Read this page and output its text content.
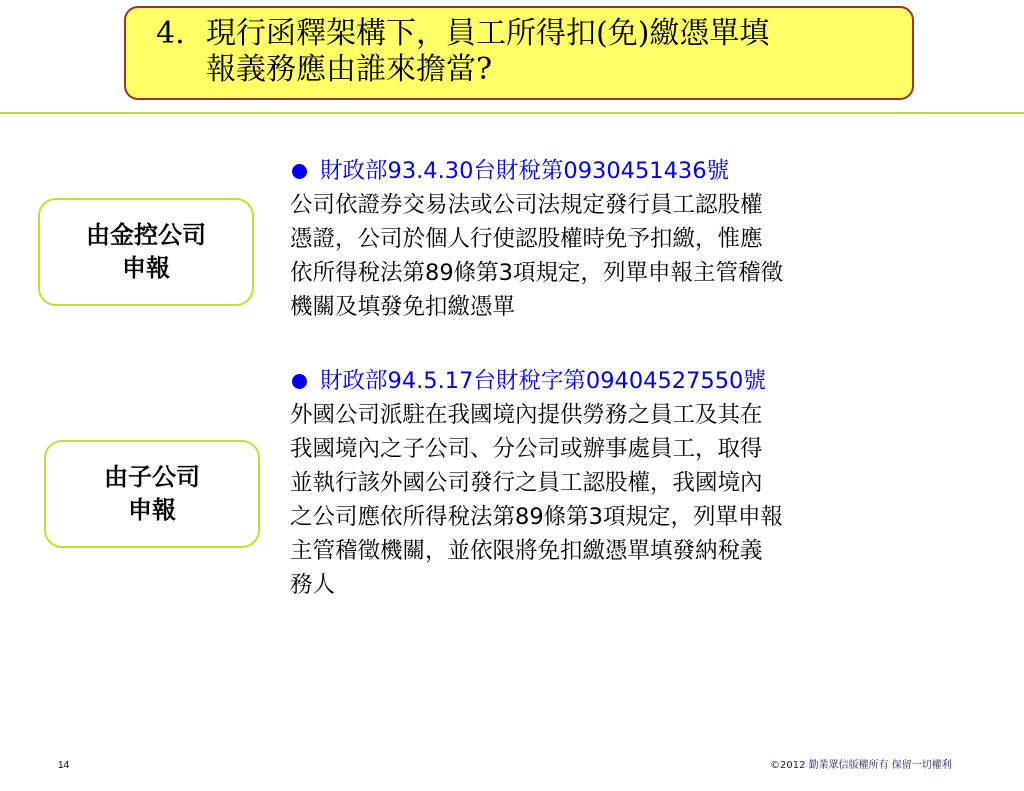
4. 現行函釋架構下，員工所得扣(免)繳憑單填
報義務應由誰來擔當?
由金控公司
申報
由子公司
申報
財政部93.4.30台財稅第0930451436號
公司依證券交易法或公司法規定發行員工認股權
憑證，公司於個人行使認股權時免予扣繳，惟應
依所得稅法第89條第3項規定，列單申報主管稽徵
機關及填發免扣繳憑單
財政部94.5.17台財稅字第09404527550號
外國公司派駐在我國境內提供勞務之員工及其在
我國境內之子公司、分公司或辦事處員工，取得
並執行該外國公司發行之員工認股權，我國境內
之公司應依所得稅法第89條第3項規定，列單申報
主管稽徵機關，並依限將免扣繳憑單填發納稅義
務人
14	©2012 勤業眾信版權所有 保留一切權利
